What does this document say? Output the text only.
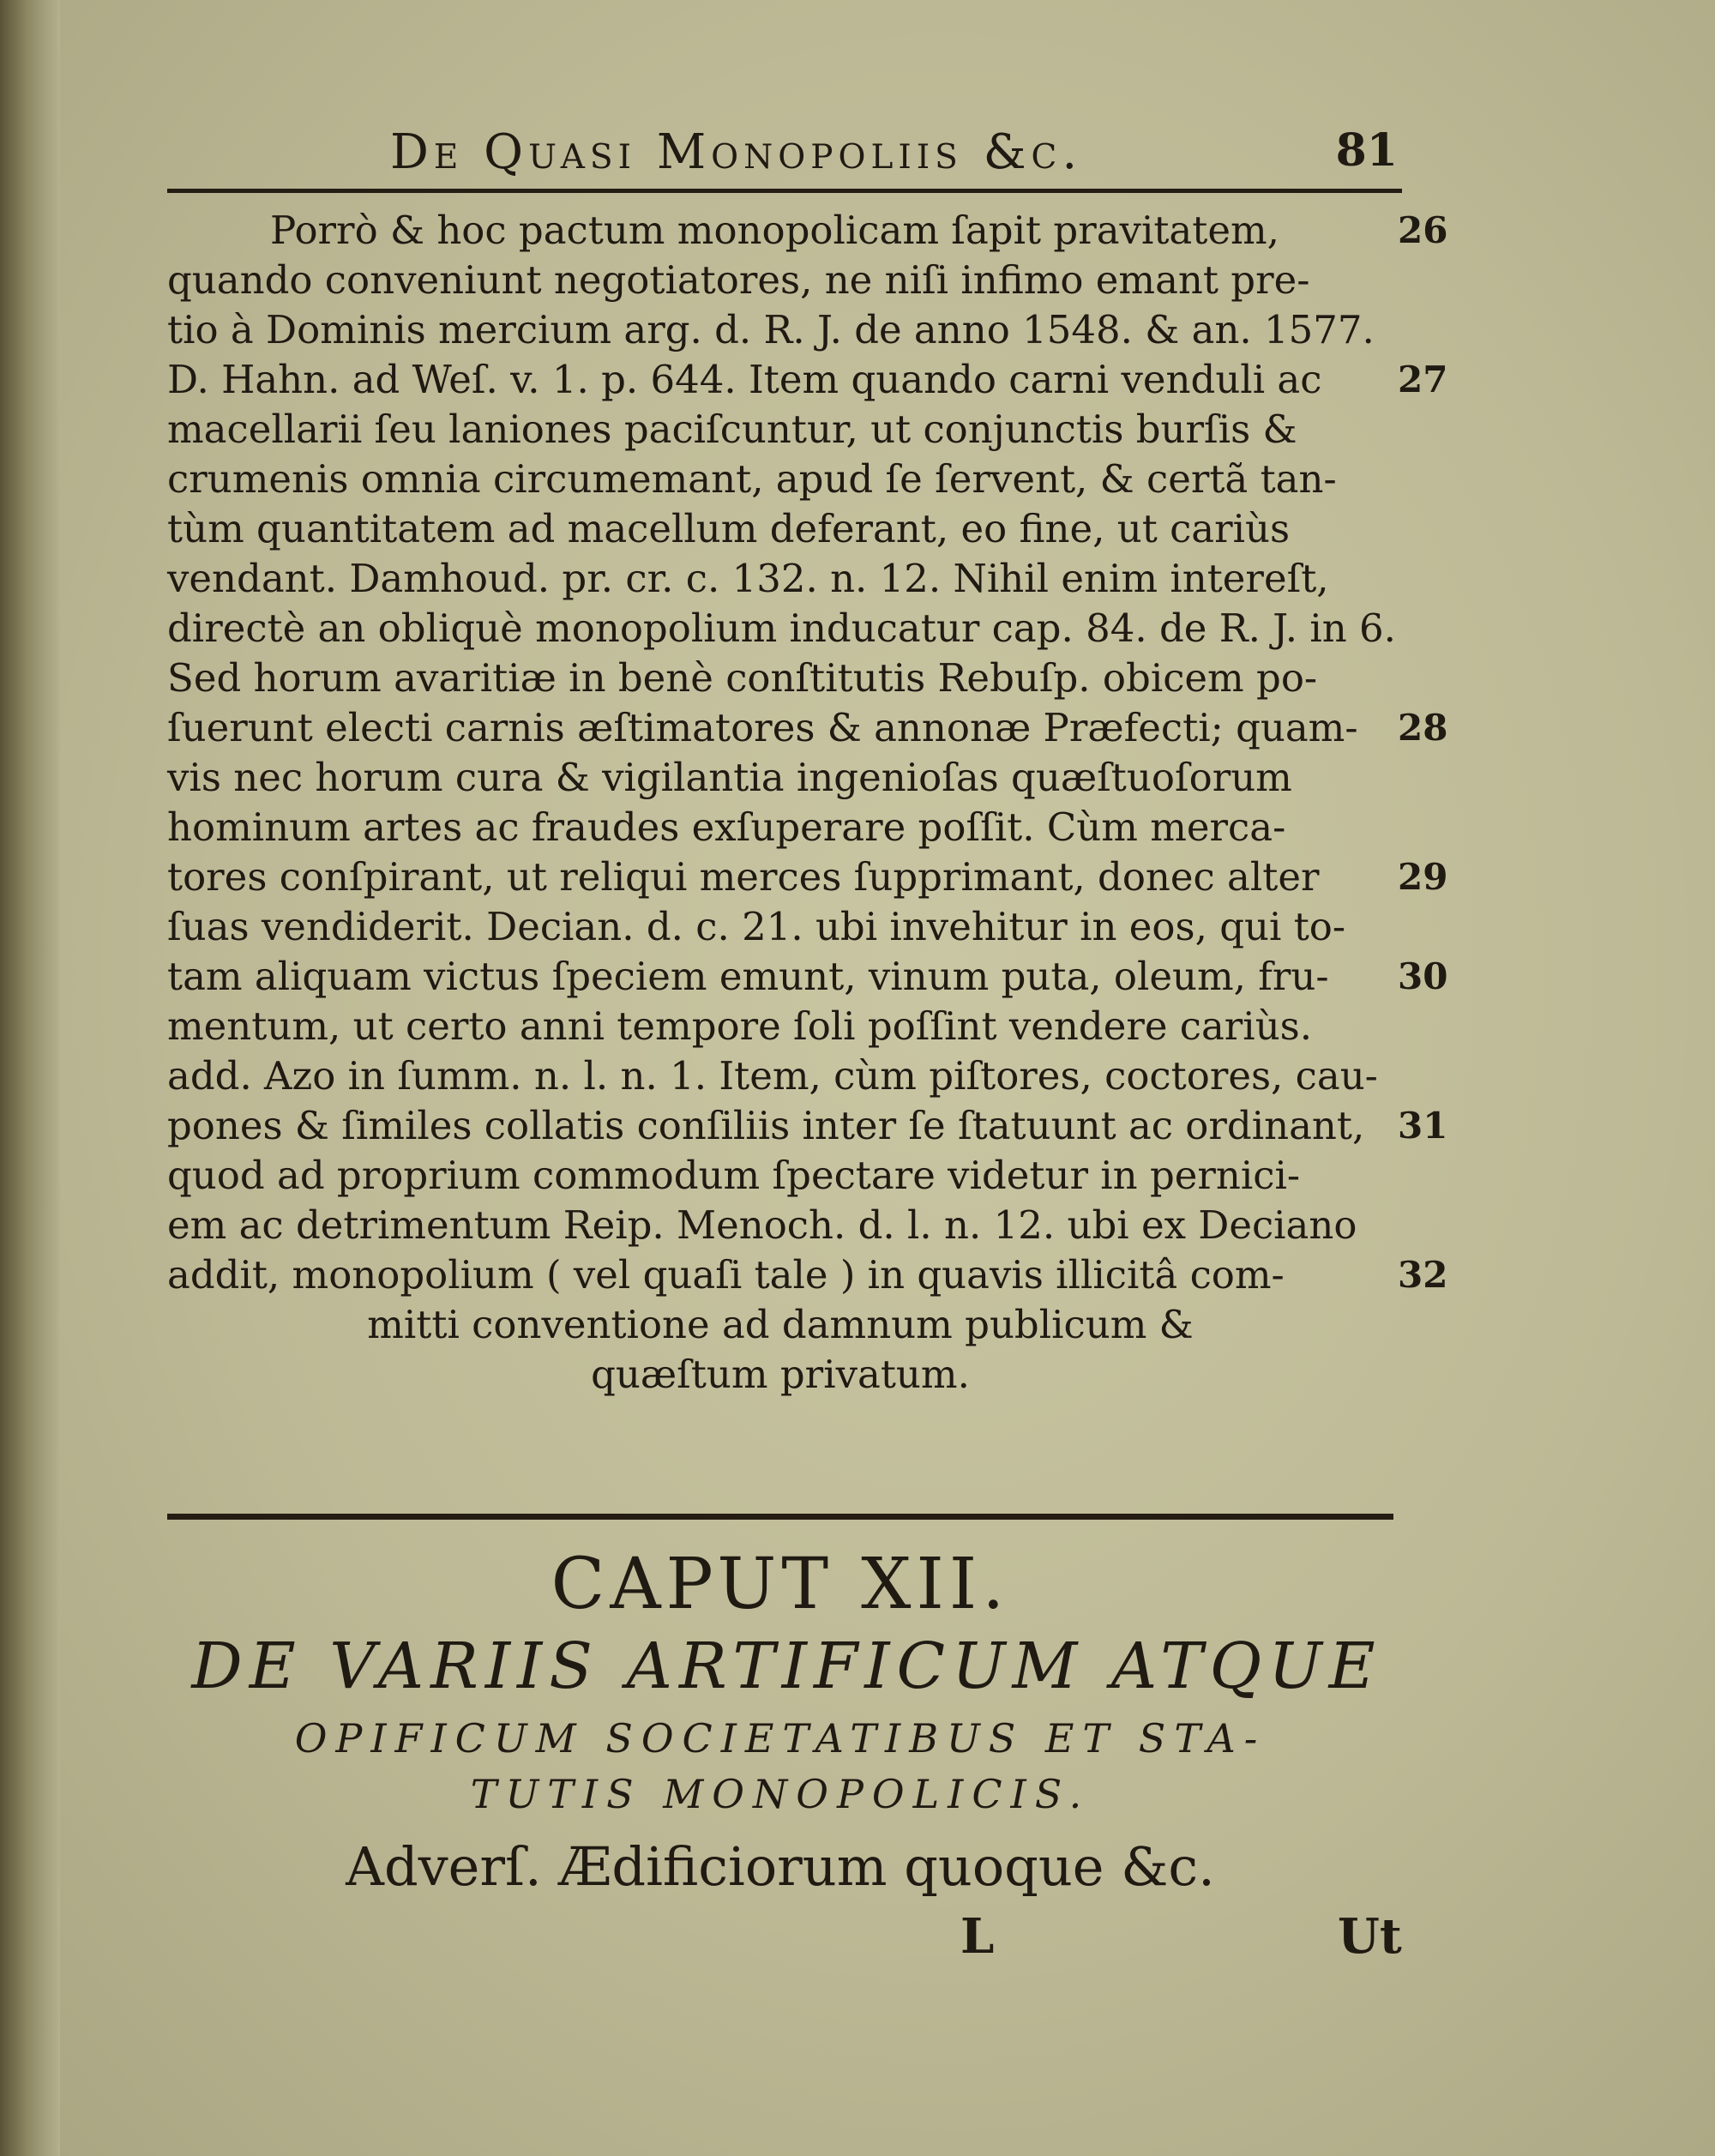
De Quasi Monopoliis &c.	81
Porrò & hoc pactum monopolicam ſapit pravitatem,
quando conveniunt negotiatores, ne niſi infimo emant pre-
tio à Dominis mercium arg. d. R. J. de anno 1548. & an. 1577.
D. Hahn. ad Weſ. v. 1. p. 644. Item quando carni venduli ac
macellarii ſeu laniones paciſcuntur, ut conjunctis burſis &
crumenis omnia circumemant, apud ſe ſervent, & certã tan-
tùm quantitatem ad macellum deferant, eo fine, ut cariùs
vendant. Damhoud. pr. cr. c. 132. n. 12. Nihil enim intereſt,
directè an obliquè monopolium inducatur cap. 84. de R. J. in 6.
Sed horum avaritiæ in benè conſtitutis Rebuſp. obicem po-
ſuerunt electi carnis æſtimatores & annonæ Præfecti; quam-
vis nec horum cura & vigilantia ingenioſas quæſtuoſorum
hominum artes ac fraudes exſuperare poſſit. Cùm merca-
tores conſpirant, ut reliqui merces ſupprimant, donec alter
ſuas vendiderit. Decian. d. c. 21. ubi invehitur in eos, qui to-
tam aliquam victus ſpeciem emunt, vinum puta, oleum, fru-
mentum, ut certo anni tempore ſoli poſſint vendere cariùs.
add. Azo in ſumm. n. l. n. 1. Item, cùm piſtores, coctores, cau-
pones & ſimiles collatis conſiliis inter ſe ſtatuunt ac ordinant,
quod ad proprium commodum ſpectare videtur in pernici-
em ac detrimentum Reip. Menoch. d. l. n. 12. ubi ex Deciano
addit, monopolium ( vel quaſi tale ) in quavis illicitâ com-
mitti conventione ad damnum publicum &
quæſtum privatum.
26
27
28
29
30
31
32
CAPUT XII.
DE VARIIS ARTIFICUM ATQUE
OPIFICUM SOCIETATIBUS ET STA-
TUTIS MONOPOLICIS.
Adverſ. Ædificiorum quoque &c.
L	Ut
